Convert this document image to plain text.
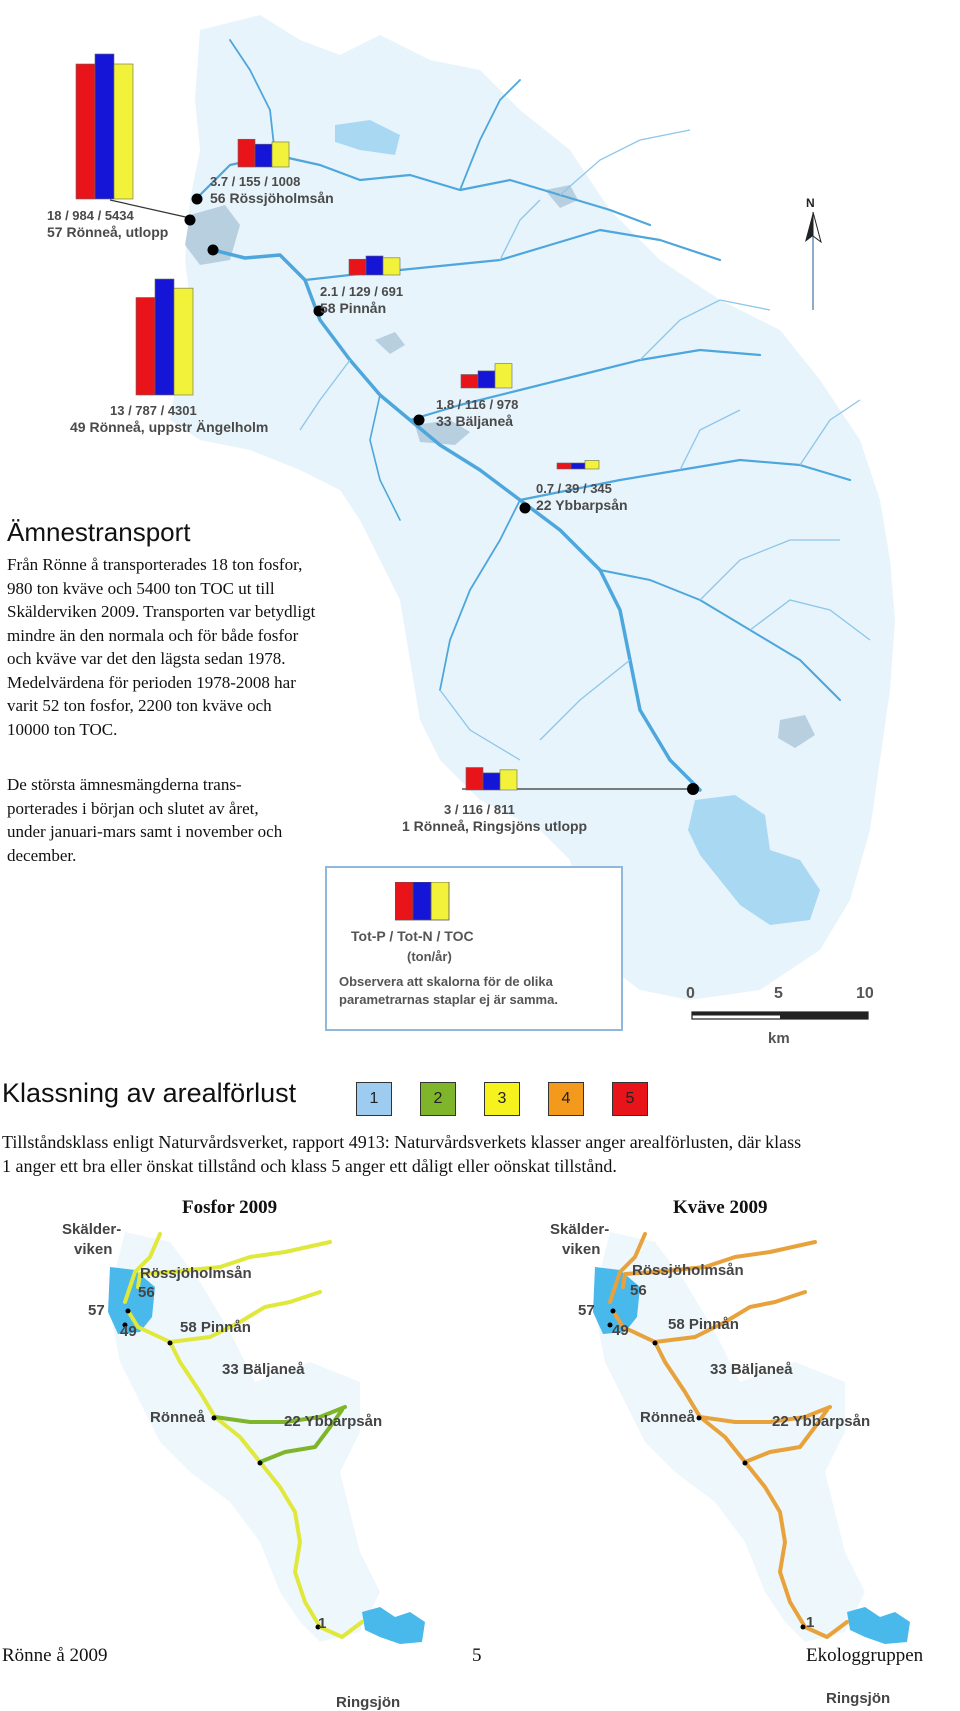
N
0	5	10
km
3.7 / 155 / 1008
56 Rössjöholmsån
18 / 984 / 5434
57 Rönneå, utlopp
2.1 / 129 / 691
58 Pinnån
13 / 787 / 4301
49 Rönneå, uppstr Ängelholm
1.8 / 116 / 978
33 Bäljaneå
0.7 / 39 / 345
22 Ybbarpsån
3 / 116 / 811
1 Rönneå, Ringsjöns utlopp
Tot-P / Tot-N / TOC
(ton/år)
Observera att skalorna för de olika
parametrarnas staplar ej är samma.
Ämnestransport
Från Rönne å transporterades 18 ton fosfor,
980 ton kväve och 5400 ton TOC ut till
Skälderviken 2009. Transporten var betydligt
mindre än den normala och för både fosfor
och kväve var det den lägsta sedan 1978.
Medelvärdena för perioden 1978-2008 har
varit 52 ton fosfor, 2200 ton kväve och
10000 ton TOC.
De största ämnesmängderna trans-
porterades i början och slutet av året,
under januari-mars samt i november och
december.
Klassning av arealförlust	1	2	3	4	5
Tillståndsklass enligt Naturvårdsverket, rapport 4913: Naturvårdsverkets klasser anger arealförlusten, där klass
1 anger ett bra eller önskat tillstånd och klass 5 anger ett dåligt eller oönskat tillstånd.
Fosfor 2009	Kväve 2009
Skälder-
viken
Rössjöholmsån
56
57
49	58 Pinnån
33 Bäljaneå
Rönneå	22 Ybbarpsån
1
Ringsjön
Skälder-
viken
Rössjöholmsån
56
57
49	58 Pinnån
33 Bäljaneå
Rönneå	22 Ybbarpsån
1
Ringsjön
Rönne å 2009	5	Ekologgruppen
